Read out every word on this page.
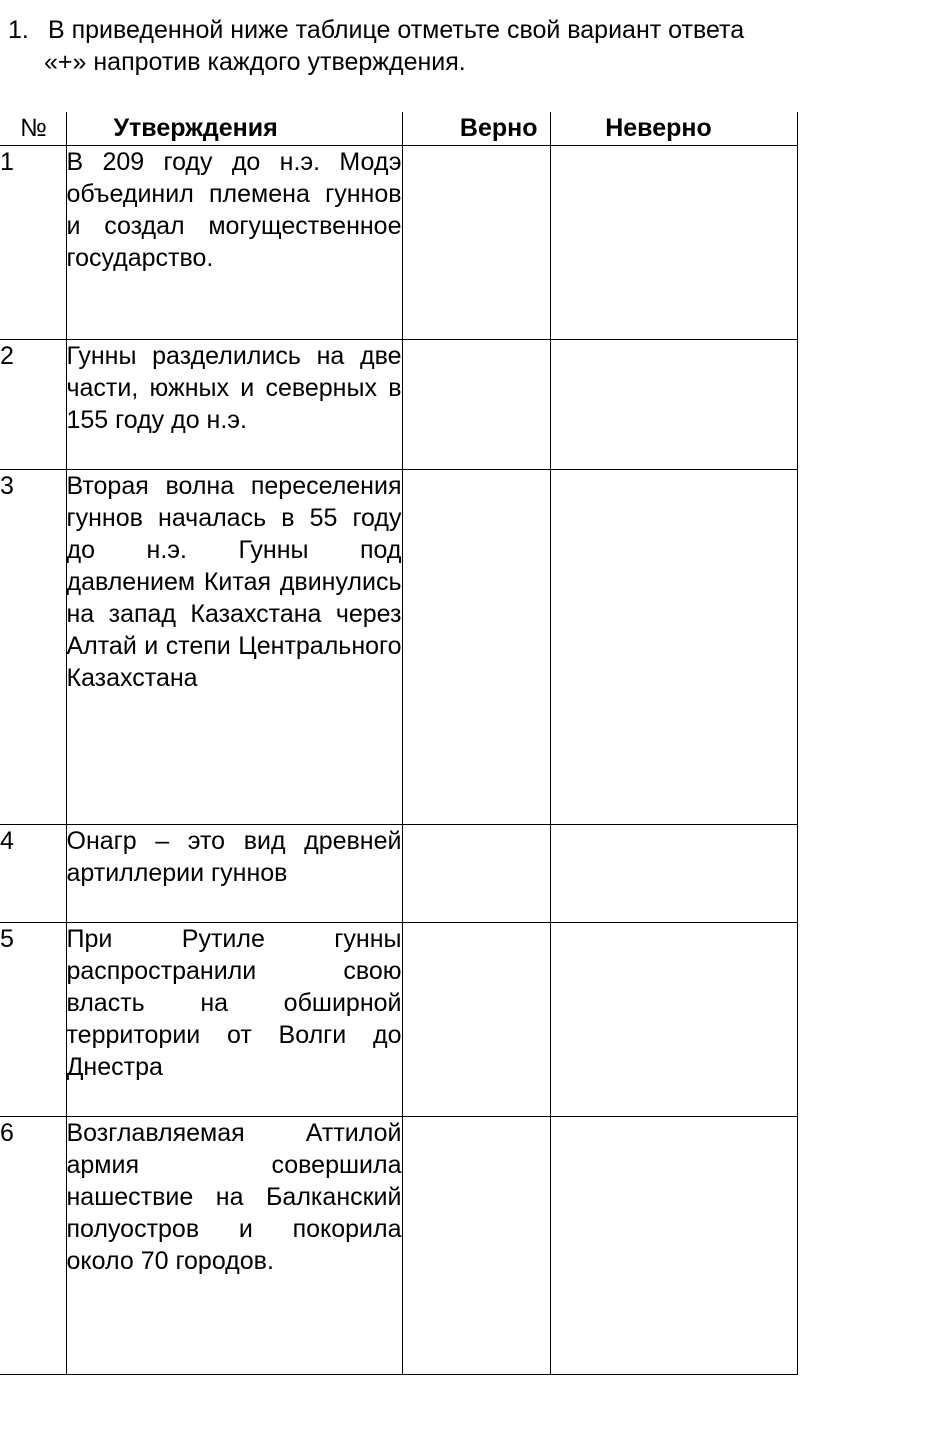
1. В приведенной ниже таблице отметьте свой вариант ответа
«+» напротив каждого утверждения.
№	Утверждения	Верно	Неверно
1	В 209 году до н.э. Модэ объединил племена гуннов и создал могущественное государство.		
2	Гунны разделились на две части, южных и северных в 155 году до н.э.		
3	Вторая волна переселения гуннов началась в 55 году до н.э. Гунны под давлением Китая двинулись на запад Казахстана через Алтай и степи Центрального Казахстана		
4	Онагр – это вид древней артиллерии гуннов		
5	При Рутиле гунны распространили свою власть на обширной территории от Волги до Днестра		
6	Возглавляемая Аттилой армия совершила нашествие на Балканский полуостров и покорила около 70 городов.		
